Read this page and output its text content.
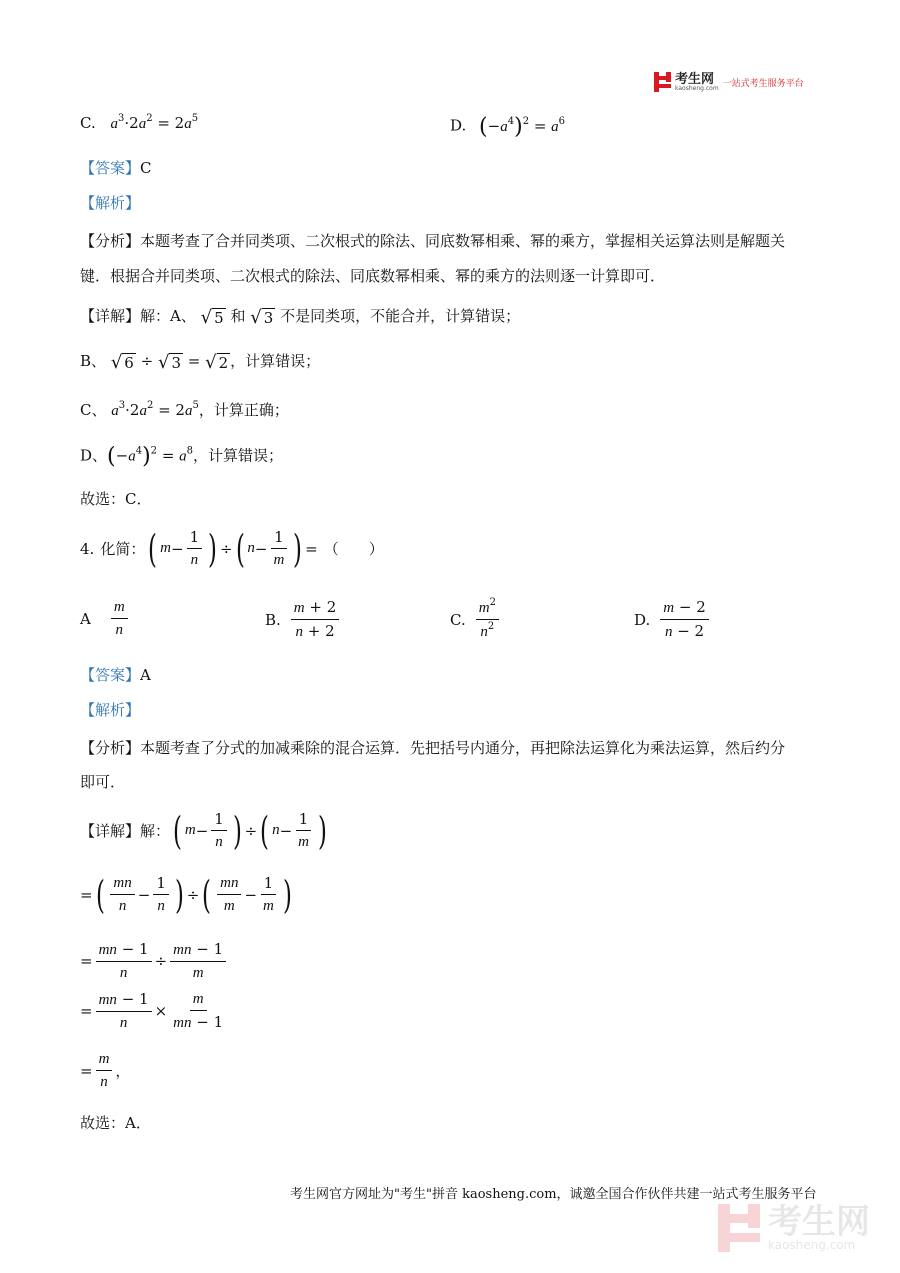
考生网
kaosheng.com 一站式考生服务平台
C. $a^3\cdot 2a^2 = 2a^5$	D. $(-a^4)^2 = a^6$
【答案】C
【解析】
【分析】本题考查了合并同类项、二次根式的除法、同底数幂相乘、幂的乘方，掌握相关运算法则是解题关
键．根据合并同类项、二次根式的除法、同底数幂相乘、幂的乘方的法则逐一计算即可．
【详解】解：A、 √ 5 和 √ 3 不是同类项，不能合并，计算错误；
B、 √ 6 ÷ √ 3 = √ 2 ，计算错误；
C、 $a^3\cdot 2a^2 = 2a^5$，计算正确；
D、$(-a^4)^2 = a^8$，计算错误；
故选：C．
4. 化简： ( $m - \frac{1}{n}$ ) ÷ ( $n - \frac{1}{m}$ ) = （　　）
A $\frac{m}{n}$	B. $\frac{m + 2}{n + 2}$	C. $\frac{m^2}{n^2}$	D. $\frac{m - 2}{n - 2}$
【答案】A
【解析】
【分析】本题考查了分式的加减乘除的混合运算．先把括号内通分，再把除法运算化为乘法运算，然后约分
即可．
【详解】 解： ( $m - \frac{1}{n}$ ) ÷ ( $n - \frac{1}{m}$ )
= ( $\frac{mn}{n} - \frac{1}{n}$ ) ÷ ( $\frac{mn}{m} - \frac{1}{m}$ )
= $\frac{mn - 1}{n} \div \frac{mn - 1}{m}$
= $\frac{mn - 1}{n} \times \frac{m}{mn - 1}$
= $\frac{m}{n}$ ，
故选：A．
考生网官方网址为"考生"拼音 kaosheng.com，诚邀全国合作伙伴共建一站式考生服务平台
考生网
kaosheng.com
